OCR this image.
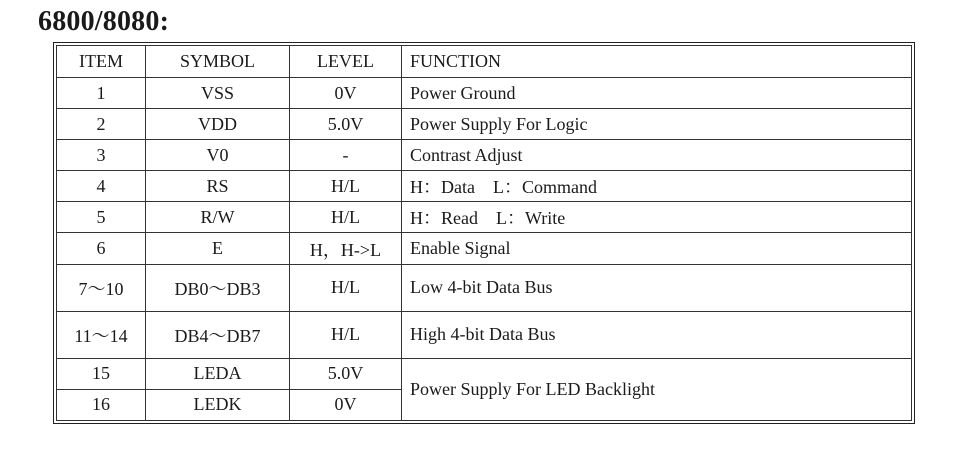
6800/8080:
ITEM	SYMBOL	LEVEL	FUNCTION
1	VSS	0V	Power Ground
2	VDD	5.0V	Power Supply For Logic
3	V0	-	Contrast Adjust
4	RS	H/L	H：Data    L：Command
5	R/W	H/L	H：Read    L：Write
6	E	H，H->L	Enable Signal
7～10	DB0～DB3	H/L	Low 4-bit Data Bus
11～14	DB4～DB7	H/L	High 4-bit Data Bus
15	LEDA	5.0V	Power Supply For LED Backlight
16	LEDK	0V	
